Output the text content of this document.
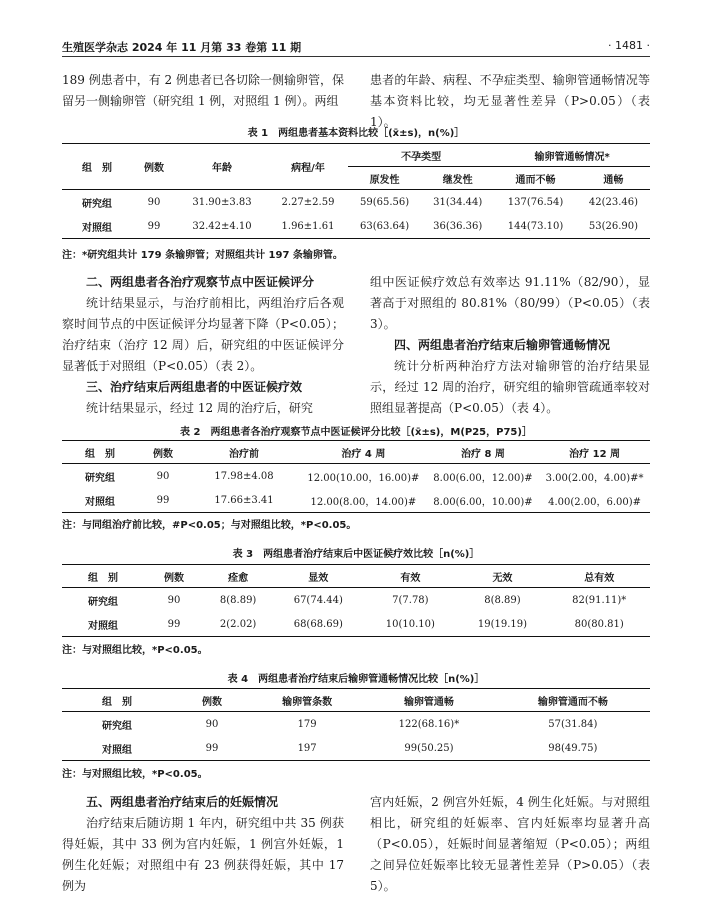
生殖医学杂志 2024 年 11 月第 33 卷第 11 期	· 1481 ·

189 例患者中，有 2 例患者已各切除一侧输卵管，保留另一侧输卵管（研究组 1 例，对照组 1 例）。两组

患者的年龄、病程、不孕症类型、输卵管通畅情况等基本资料比较，均无显著性差异（P>0.05）（表 1）。

表 1　两组患者基本资料比较［(x̄±s)，n(%)］
组　别	例数	年龄	病程/年	不孕类型		输卵管通畅情况*	
				原发性	继发性	通而不畅	通畅
研究组	90	31.90±3.83	2.27±2.59	59(65.56)	31(34.44)	137(76.54)	42(23.46)
对照组	99	32.42±4.10	1.96±1.61	63(63.64)	36(36.36)	144(73.10)	53(26.90)
注：*研究组共计 179 条输卵管；对照组共计 197 条输卵管。

二、两组患者各治疗观察节点中医证候评分

统计结果显示，与治疗前相比，两组治疗后各观察时间节点的中医证候评分均显著下降（P<0.05）；治疗结束（治疗 12 周）后，研究组的中医证候评分显著低于对照组（P<0.05）（表 2）。

三、治疗结束后两组患者的中医证候疗效

统计结果显示，经过 12 周的治疗后，研究

组中医证候疗效总有效率达 91.11%（82/90），显著高于对照组的 80.81%（80/99）（P<0.05）（表 3）。

四、两组患者治疗结束后输卵管通畅情况

统计分析两种治疗方法对输卵管的治疗结果显示，经过 12 周的治疗，研究组的输卵管疏通率较对照组显著提高（P<0.05）（表 4）。

表 2　两组患者各治疗观察节点中医证候评分比较［(x̄±s)，M(P25，P75)］
组　别	例数	治疗前	治疗 4 周	治疗 8 周	治疗 12 周
研究组	90	17.98±4.08	12.00(10.00，16.00)#	8.00(6.00，12.00)#	3.00(2.00，4.00)#*
对照组	99	17.66±3.41	12.00(8.00，14.00)#	8.00(6.00，10.00)#	4.00(2.00，6.00)#
注：与同组治疗前比较，#P<0.05；与对照组比较，*P<0.05。
表 3　两组患者治疗结束后中医证候疗效比较［n(%)］
组　别	例数	痊愈	显效	有效	无效	总有效
研究组	90	8(8.89)	67(74.44)	7(7.78)	8(8.89)	82(91.11)*
对照组	99	2(2.02)	68(68.69)	10(10.10)	19(19.19)	80(80.81)
注：与对照组比较，*P<0.05。
表 4　两组患者治疗结束后输卵管通畅情况比较［n(%)］
组　别	例数	输卵管条数	输卵管通畅	输卵管通而不畅
研究组	90	179	122(68.16)*	57(31.84)
对照组	99	197	99(50.25)	98(49.75)
注：与对照组比较，*P<0.05。

五、两组患者治疗结束后的妊娠情况

治疗结束后随访期 1 年内，研究组中共 35 例获得妊娠，其中 33 例为宫内妊娠，1 例宫外妊娠，1 例生化妊娠；对照组中有 23 例获得妊娠，其中 17 例为

宫内妊娠，2 例宫外妊娠，4 例生化妊娠。与对照组相比，研究组的妊娠率、宫内妊娠率均显著升高（P<0.05），妊娠时间显著缩短（P<0.05）；两组之间异位妊娠率比较无显著性差异（P>0.05）（表 5）。
